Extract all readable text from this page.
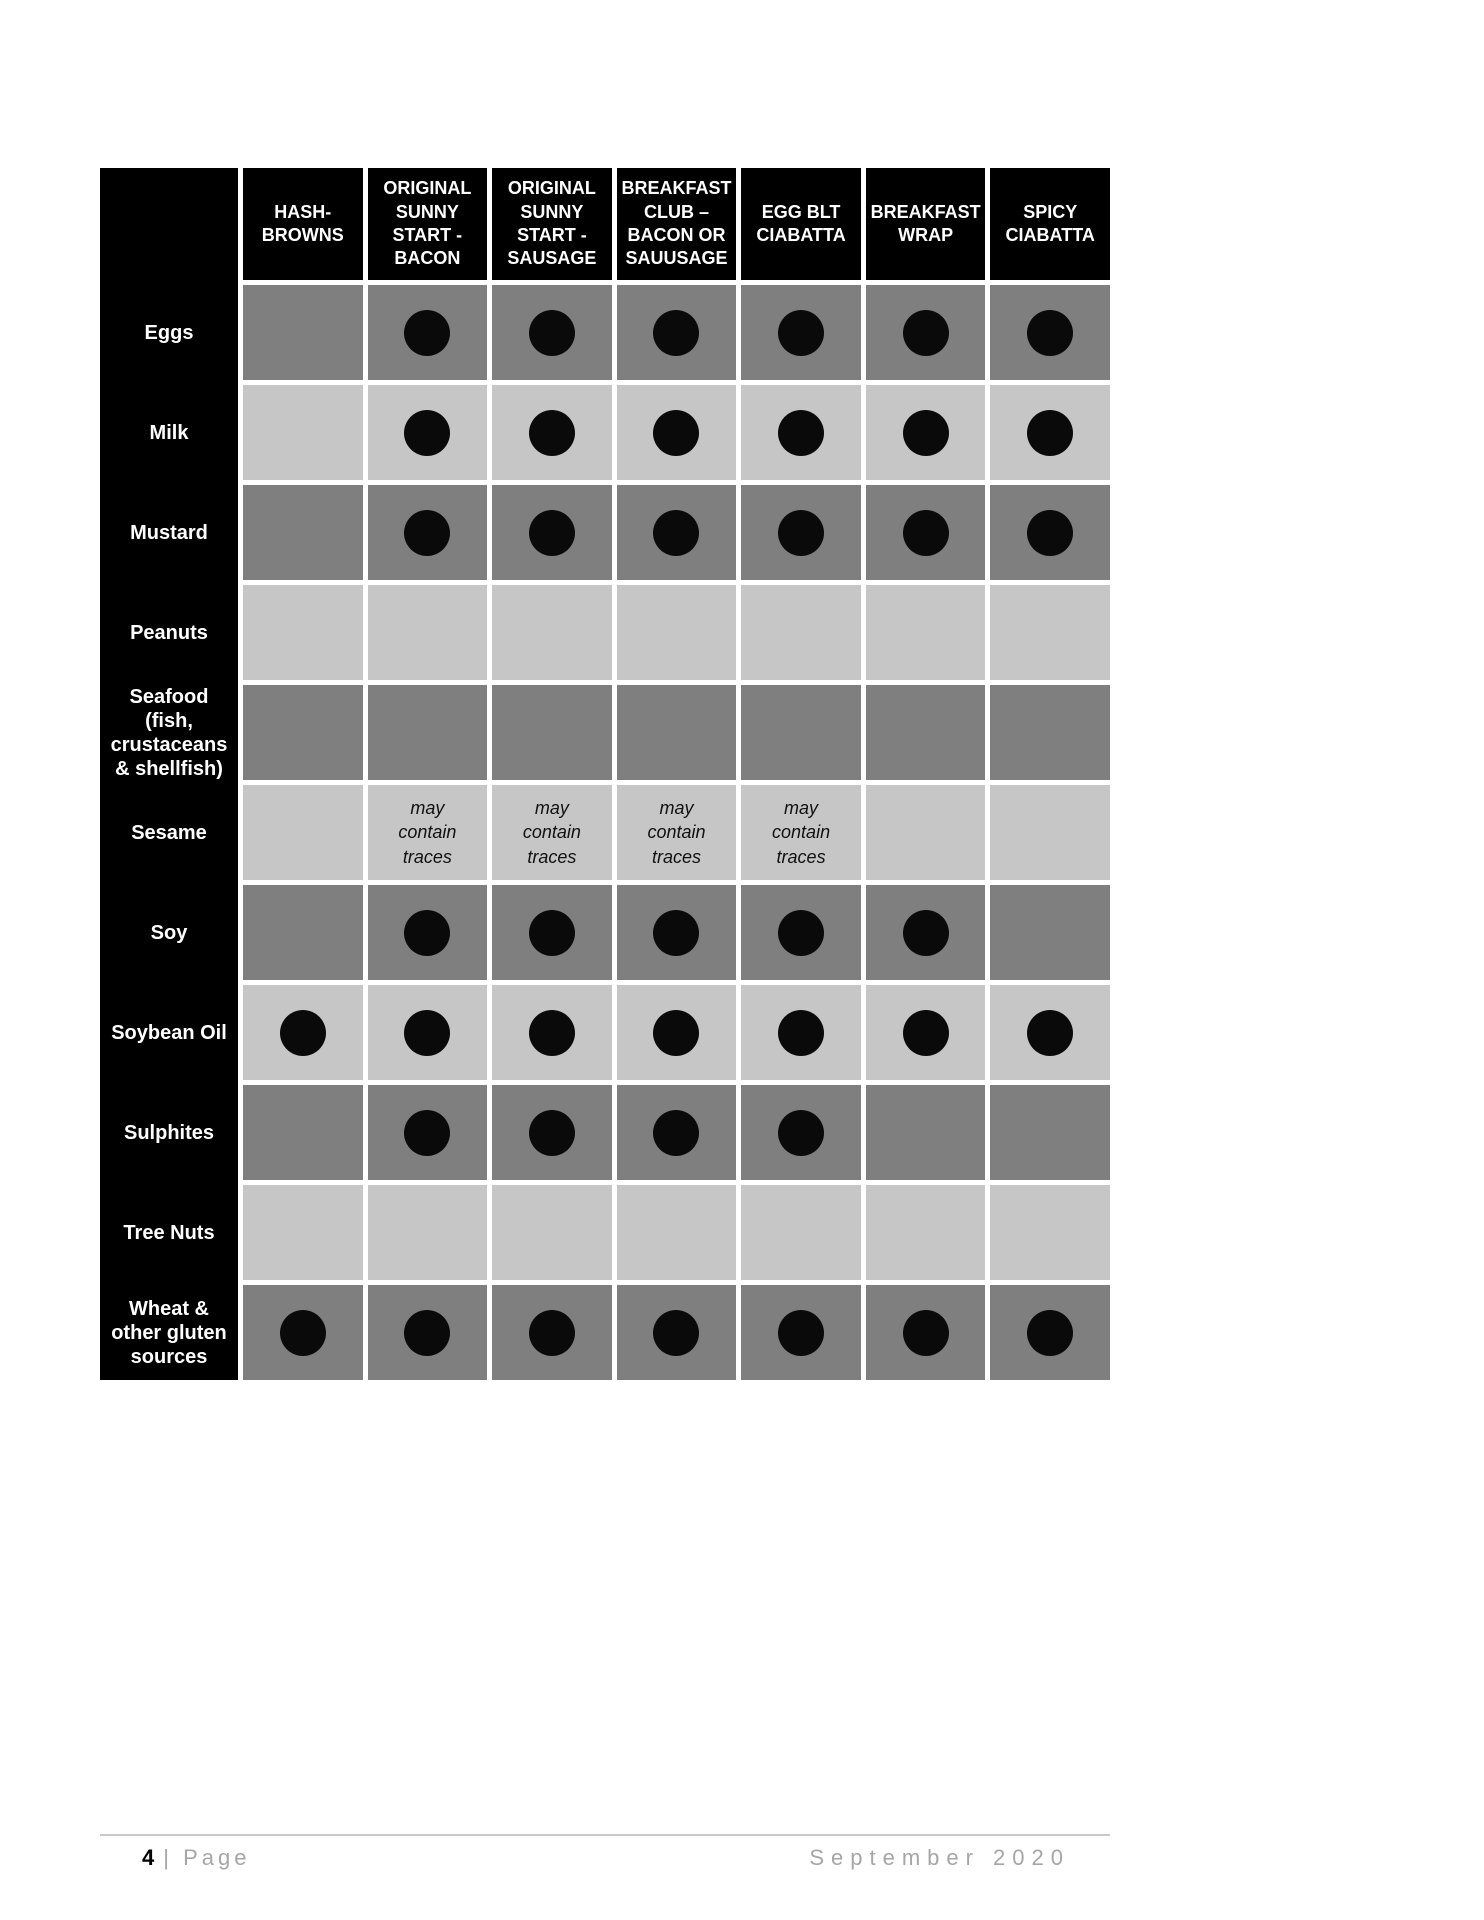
HASH-BROWNS
ORIGINAL SUNNY START - BACON
ORIGINAL SUNNY START - SAUSAGE
BREAKFAST CLUB – BACON OR SAUUSAGE
EGG BLT CIABATTA
BREAKFAST WRAP
SPICY CIABATTA
Eggs
Milk
Mustard
Peanuts
Seafood (fish, crustaceans & shellfish)
Sesame
may contain traces
may contain traces
may contain traces
may contain traces
Soy
Soybean Oil
Sulphites
Tree Nuts
Wheat & other gluten sources
4 | Page	September 2020
